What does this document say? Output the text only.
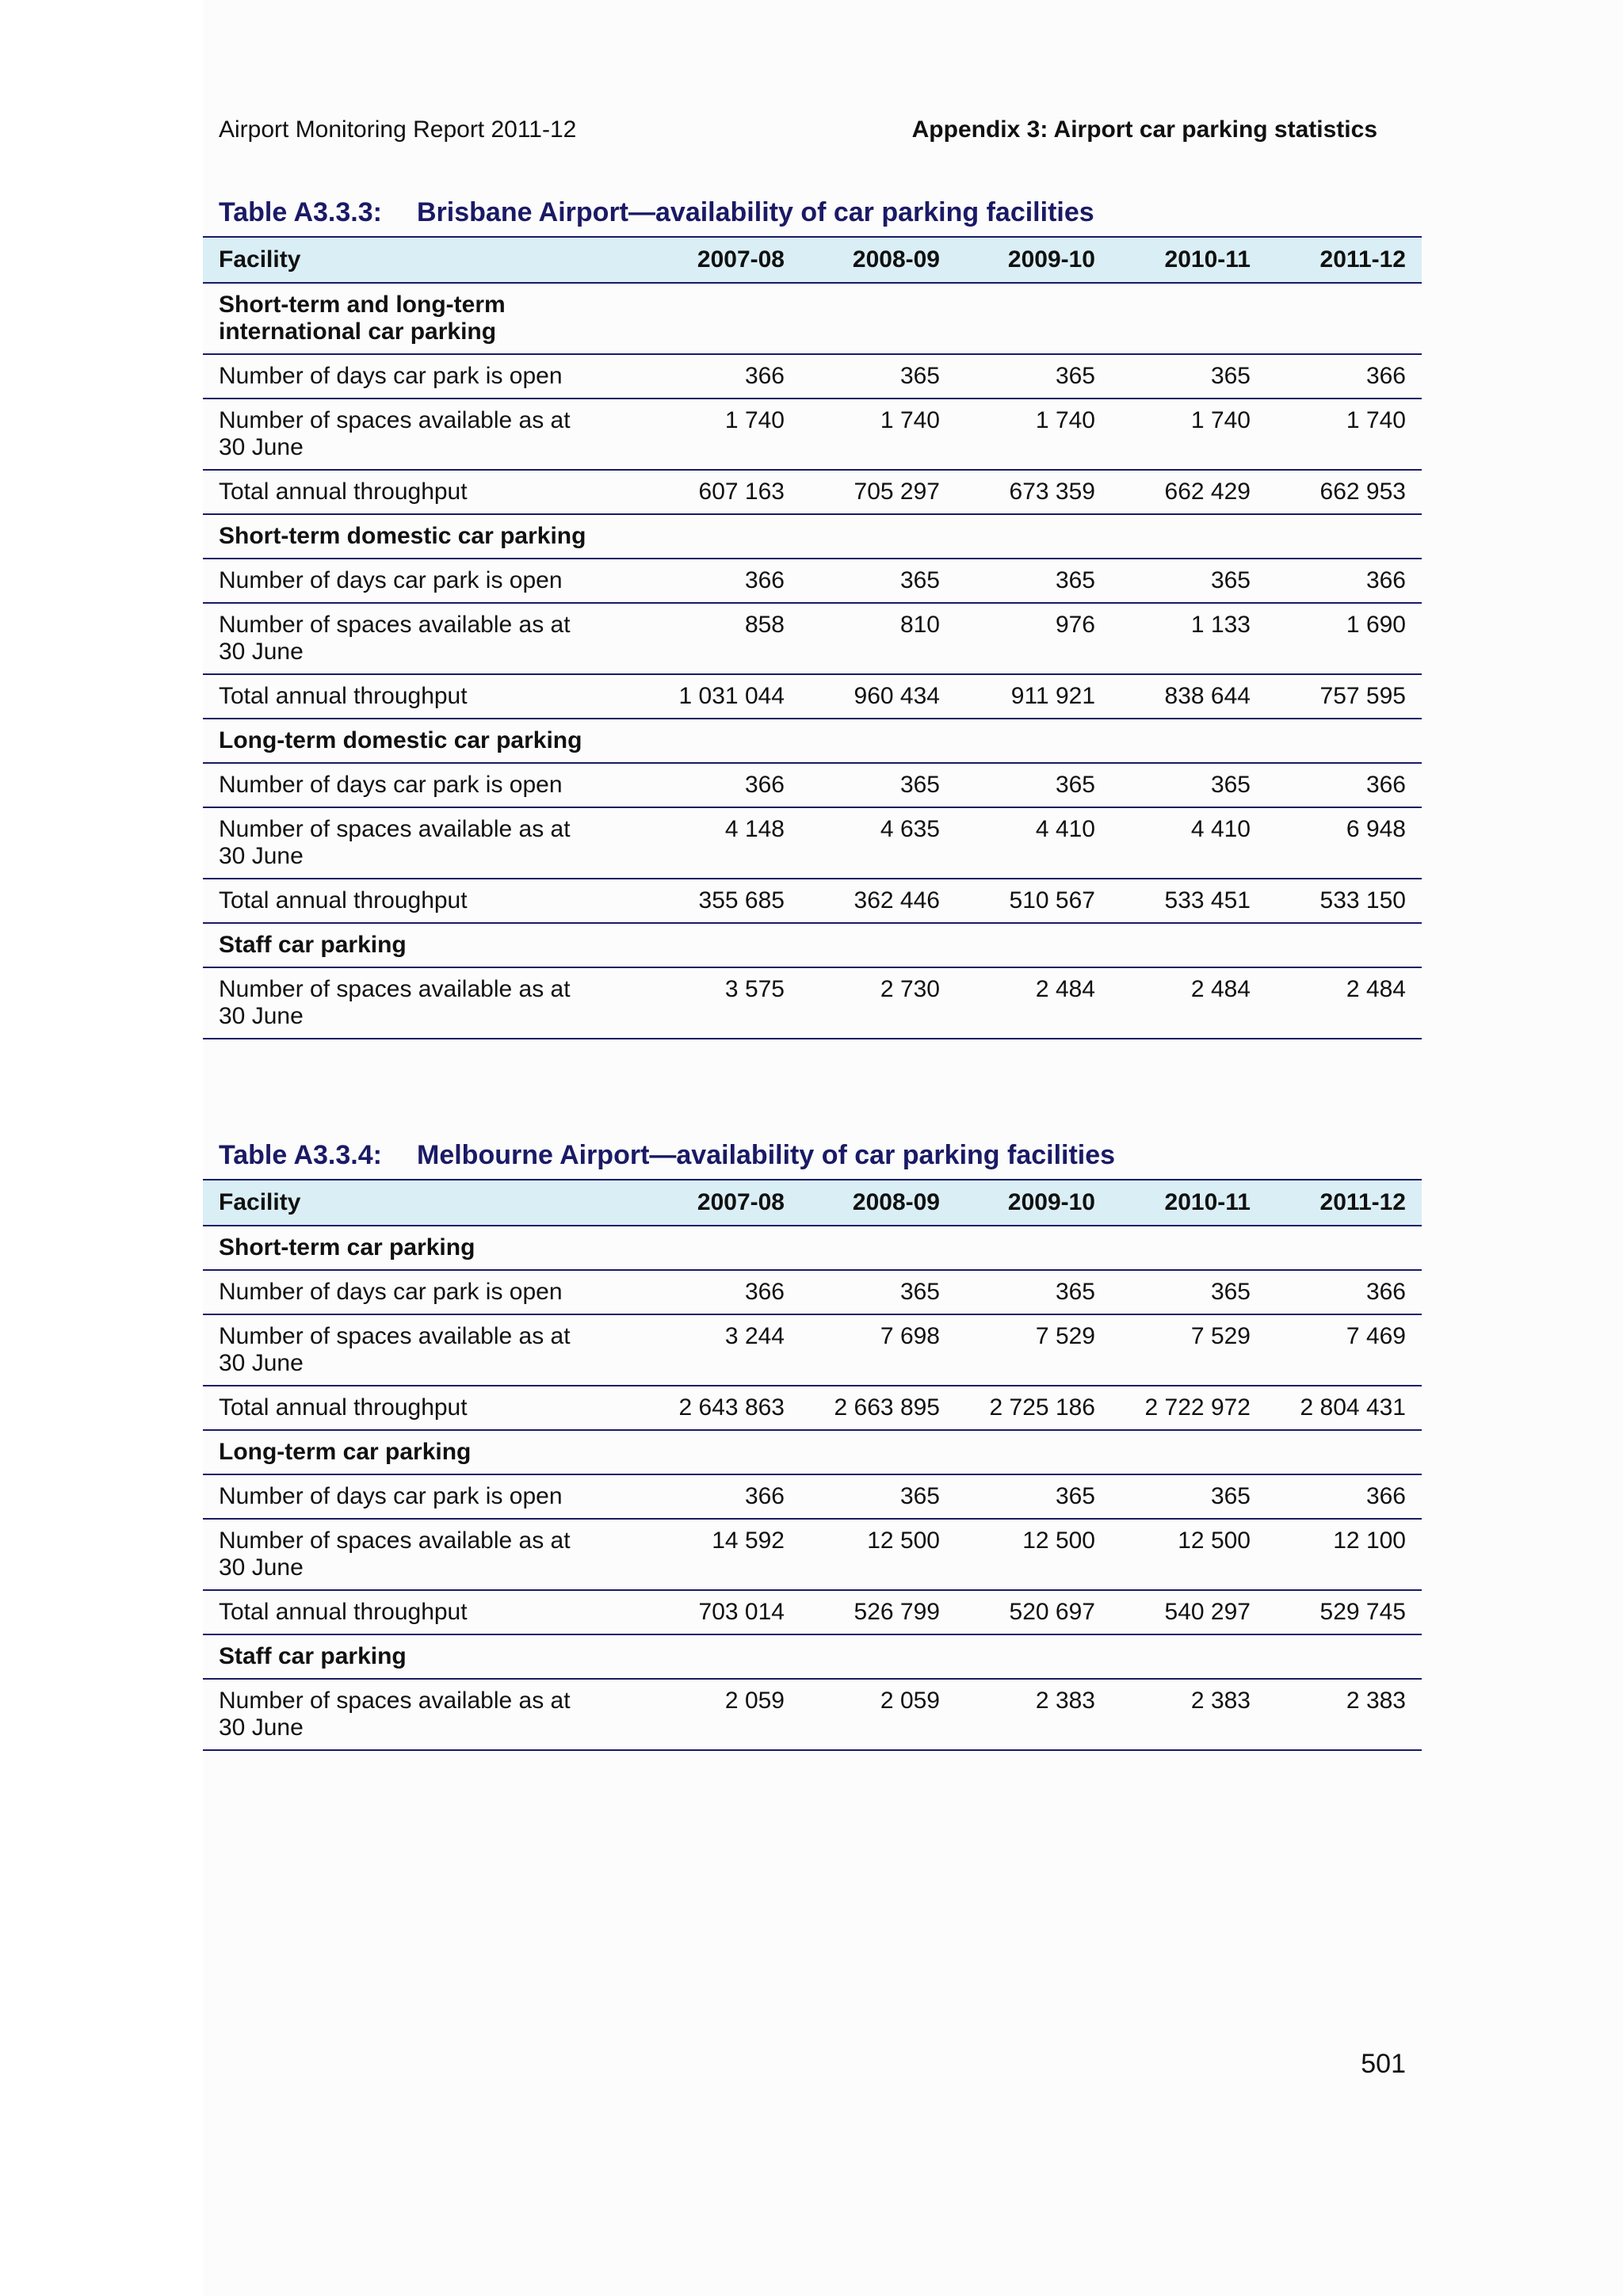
Airport Monitoring Report 2011-12	Appendix 3: Airport car parking statistics
Table A3.3.3: Brisbane Airport—availability of car parking facilities
Facility	2007-08	2008-09	2009-10	2010-11	2011-12

Short-term and long-term international car parking					

Number of days car park is open	366	365	365	365	366

Number of spaces available as at 30 June	1 740	1 740	1 740	1 740	1 740

Total annual throughput	607 163	705 297	673 359	662 429	662 953

Short-term domestic car parking					

Number of days car park is open	366	365	365	365	366

Number of spaces available as at 30 June	858	810	976	1 133	1 690

Total annual throughput	1 031 044	960 434	911 921	838 644	757 595

Long-term domestic car parking					

Number of days car park is open	366	365	365	365	366

Number of spaces available as at 30 June	4 148	4 635	4 410	4 410	6 948

Total annual throughput	355 685	362 446	510 567	533 451	533 150

Staff car parking					

Number of spaces available as at 30 June	3 575	2 730	2 484	2 484	2 484
Table A3.3.4: Melbourne Airport—availability of car parking facilities
Facility	2007-08	2008-09	2009-10	2010-11	2011-12

Short-term car parking					

Number of days car park is open	366	365	365	365	366

Number of spaces available as at 30 June	3 244	7 698	7 529	7 529	7 469

Total annual throughput	2 643 863	2 663 895	2 725 186	2 722 972	2 804 431

Long-term car parking					

Number of days car park is open	366	365	365	365	366

Number of spaces available as at 30 June	14 592	12 500	12 500	12 500	12 100

Total annual throughput	703 014	526 799	520 697	540 297	529 745

Staff car parking					

Number of spaces available as at 30 June	2 059	2 059	2 383	2 383	2 383
501
